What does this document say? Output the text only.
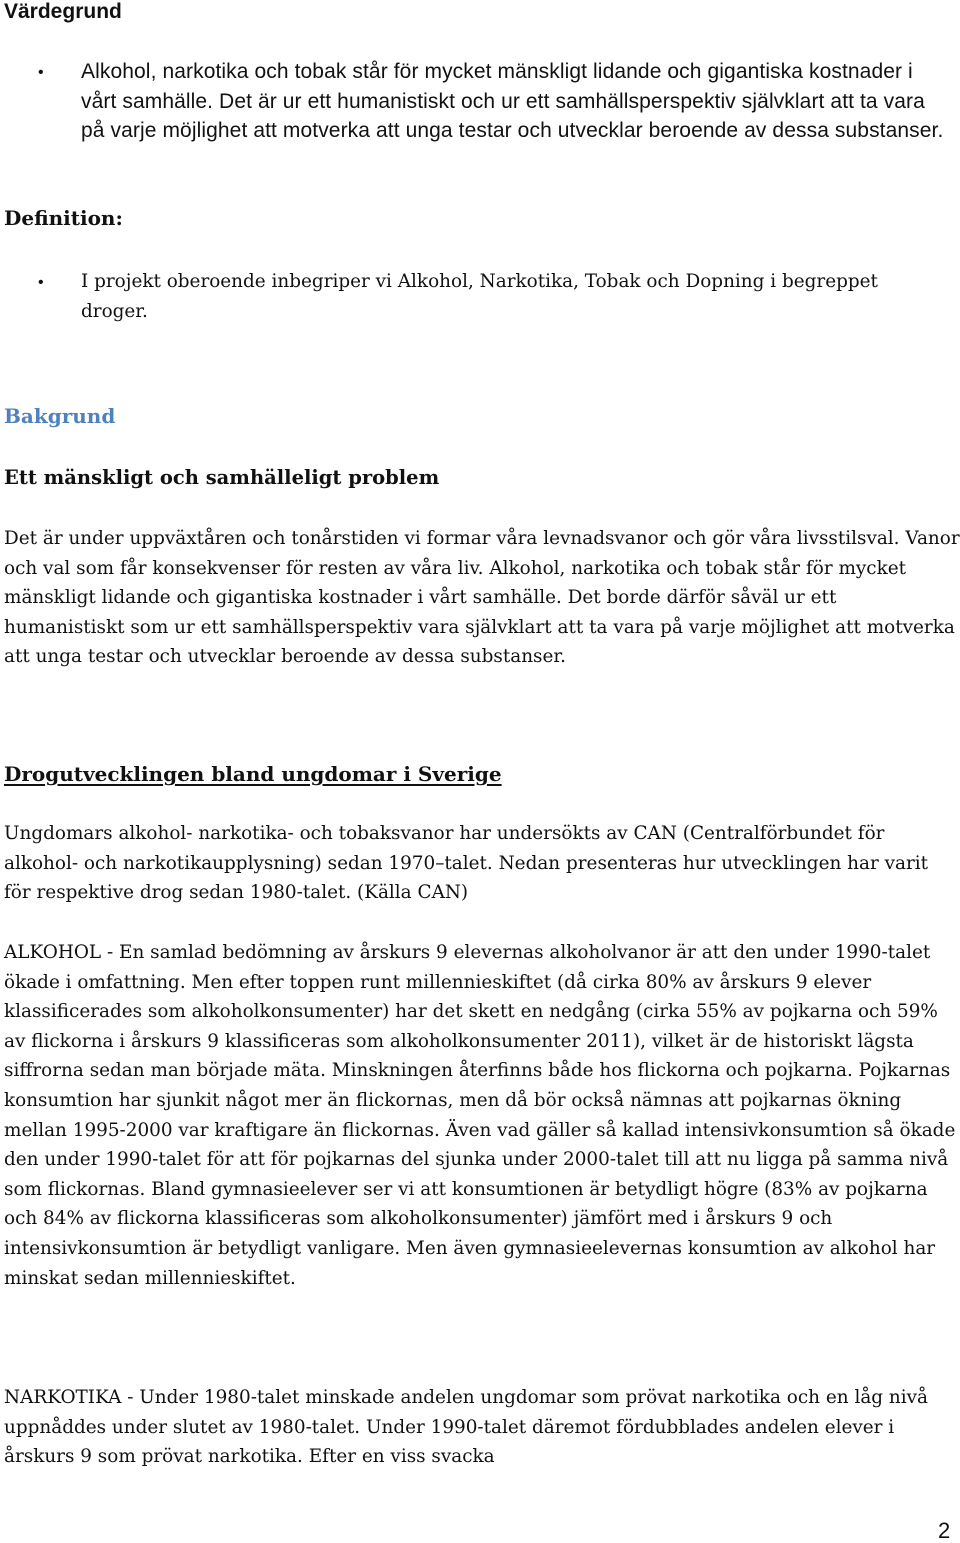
Värdegrund
• Alkohol, narkotika och tobak står för mycket mänskligt lidande och gigantiska kostnader i vårt samhälle. Det är ur ett humanistiskt och ur ett samhällsperspektiv självklart att ta vara på varje möjlighet att motverka att unga testar och utvecklar beroende av dessa substanser.
Definition:
• I projekt oberoende inbegriper vi Alkohol, Narkotika, Tobak och Dopning i begreppet droger.
Bakgrund
Ett mänskligt och samhälleligt problem

Det är under uppväxtåren och tonårstiden vi formar våra levnadsvanor och gör våra livsstilsval. Vanor och val som får konsekvenser för resten av våra liv. Alkohol, narkotika och tobak står för mycket mänskligt lidande och gigantiska kostnader i vårt samhälle. Det borde därför såväl ur ett humanistiskt som ur ett samhällsperspektiv vara självklart att ta vara på varje möjlighet att motverka att unga testar och utvecklar beroende av dessa substanser.

Drogutvecklingen bland ungdomar i Sverige

Ungdomars alkohol- narkotika- och tobaksvanor har undersökts av CAN (Centralförbundet för alkohol- och narkotikaupplysning) sedan 1970–talet. Nedan presenteras hur utvecklingen har varit för respektive drog sedan 1980-talet. (Källa CAN)

ALKOHOL - En samlad bedömning av årskurs 9 elevernas alkoholvanor är att den under 1990-talet ökade i omfattning. Men efter toppen runt millennieskiftet (då cirka 80% av årskurs 9 elever klassificerades som alkoholkonsumenter) har det skett en nedgång (cirka 55% av pojkarna och 59% av flickorna i årskurs 9 klassificeras som alkoholkonsumenter 2011), vilket är de historiskt lägsta siffrorna sedan man började mäta. Minskningen återfinns både hos flickorna och pojkarna. Pojkarnas konsumtion har sjunkit något mer än flickornas, men då bör också nämnas att pojkarnas ökning mellan 1995-2000 var kraftigare än flickornas. Även vad gäller så kallad intensivkonsumtion så ökade den under 1990-talet för att för pojkarnas del sjunka under 2000-talet till att nu ligga på samma nivå som flickornas. Bland gymnasieelever ser vi att konsumtionen är betydligt högre (83% av pojkarna och 84% av flickorna klassificeras som alkoholkonsumenter) jämfört med i årskurs 9 och intensivkonsumtion är betydligt vanligare. Men även gymnasieelevernas konsumtion av alkohol har minskat sedan millennieskiftet.

NARKOTIKA - Under 1980-talet minskade andelen ungdomar som prövat narkotika och en låg nivå uppnåddes under slutet av 1980-talet. Under 1990-talet däremot fördubblades andelen elever i årskurs 9 som prövat narkotika. Efter en viss svacka

2
